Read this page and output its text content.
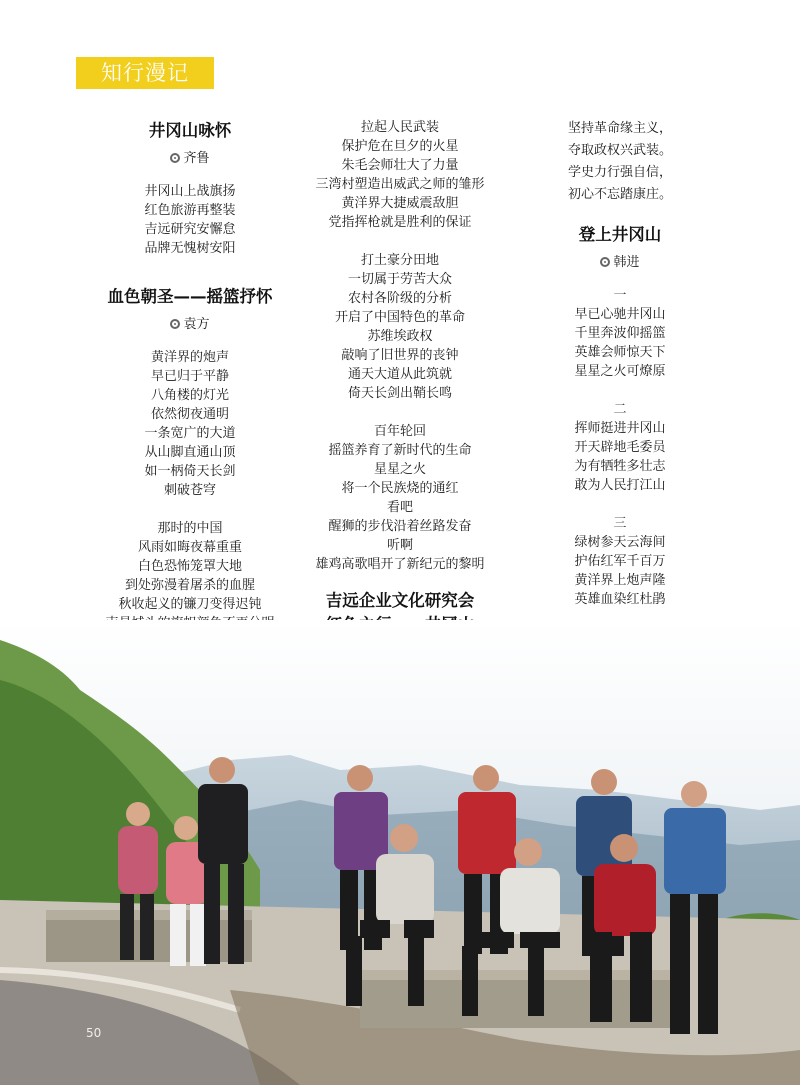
知行漫记
井冈山咏怀
齐鲁
井冈山上战旗扬
红色旅游再整装
吉远研究安懈怠
品牌无愧树安阳
血色朝圣——摇篮抒怀
袁方
黄洋界的炮声
早已归于平静
八角楼的灯光
依然彻夜通明
一条宽广的大道
从山脚直通山顶
如一柄倚天长剑
刺破苍穹
那时的中国
风雨如晦夜幕重重
白色恐怖笼罩大地
到处弥漫着屠杀的血腥
秋收起义的镰刀变得迟钝
拉起人民武装
保护危在旦夕的火星
朱毛会师壮大了力量
三湾村塑造出威武之师的雏形
黄洋界大捷威震敌胆
党指挥枪就是胜利的保证
打土豪分田地
一切属于劳苦大众
农村各阶级的分析
开启了中国特色的革命
苏维埃政权
敲响了旧世界的丧钟
通天大道从此筑就
倚天长剑出鞘长鸣
百年轮回
摇篮养育了新时代的生命
星星之火
将一个民族烧的通红
看吧
醒狮的步伐沿着丝路发奋
听啊
雄鸡高歌唱开了新纪元的黎明
吉远企业文化研究会
坚持革命缘主义，
夺取政权兴武装。
学史力行强自信，
初心不忘踏康庄。
登上井冈山
韩进
一
早已心驰井冈山
千里奔波仰摇篮
英雄会师惊天下
星星之火可燎原
二
挥师挺进井冈山
开天辟地毛委员
为有牺牲多壮志
敢为人民打江山
三
绿树参天云海间
护佑红军千百万
黄洋界上炮声隆
英雄血染红杜鹃
50
